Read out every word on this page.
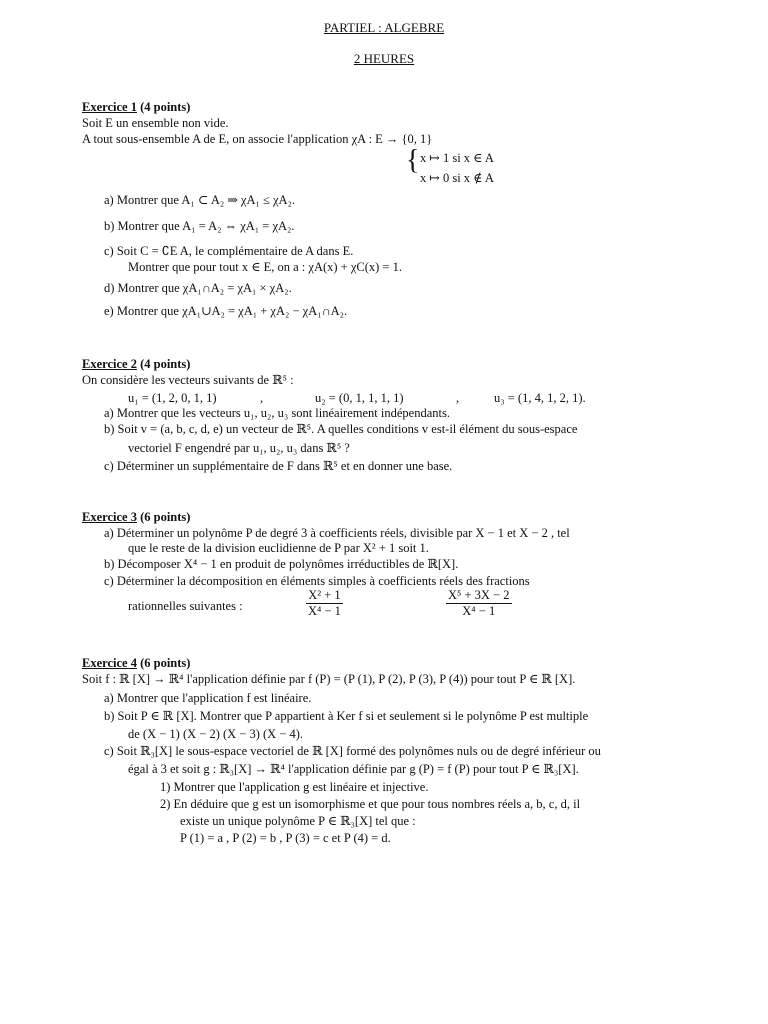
PARTIEL : ALGEBRE
2 HEURES
Exercice 1 (4 points)
Soit E un ensemble non vide.
A tout sous-ensemble A de E, on associe l'application χA : E → {0, 1}
{ x ↦ 1 si x ∈ A
x ↦ 0 si x ∉ A
a) Montrer que A₁ ⊂ A₂ ⇒ χA₁ ≤ χA₂.
b) Montrer que A₁ = A₂ ⇔ χA₁ = χA₂.
c) Soit C = ∁E A, le complémentaire de A dans E.
Montrer que pour tout x ∈ E, on a : χA(x) + χC(x) = 1.
d) Montrer que χA₁∩A₂ = χA₁ × χA₂.
e) Montrer que χA₁∪A₂ = χA₁ + χA₂ − χA₁∩A₂.
Exercice 2 (4 points)
On considère les vecteurs suivants de ℝ⁵ :
u₁ = (1, 2, 0, 1, 1)	,	u₂ = (0, 1, 1, 1, 1)	,	u₃ = (1, 4, 1, 2, 1).
a) Montrer que les vecteurs u₁, u₂, u₃ sont linéairement indépendants.
b) Soit v = (a, b, c, d, e) un vecteur de ℝ⁵. A quelles conditions v est-il élément du sous-espace
vectoriel F engendré par u₁, u₂, u₃ dans ℝ⁵ ?
c) Déterminer un supplémentaire de F dans ℝ⁵ et en donner une base.
Exercice 3 (6 points)
a) Déterminer un polynôme P de degré 3 à coefficients réels, divisible par X − 1 et X − 2 , tel
que le reste de la division euclidienne de P par X² + 1 soit 1.
b) Décomposer X⁴ − 1 en produit de polynômes irréductibles de ℝ[X].
c) Déterminer la décomposition en éléments simples à coefficients réels des fractions
rationnelles suivantes :	$\frac{\text{X² + 1}}{\text{X⁴ − 1}}$	$\frac{\text{X⁵ + 3X − 2}}{\text{X⁴ − 1}}$
Exercice 4 (6 points)
Soit f : ℝ [X] → ℝ⁴ l'application définie par f (P) = (P (1), P (2), P (3), P (4)) pour tout P ∈ ℝ [X].
a) Montrer que l'application f est linéaire.
b) Soit P ∈ ℝ [X]. Montrer que P appartient à Ker f si et seulement si le polynôme P est multiple
de (X − 1) (X − 2) (X − 3) (X − 4).
c) Soit ℝ₃[X] le sous-espace vectoriel de ℝ [X] formé des polynômes nuls ou de degré inférieur ou
égal à 3 et soit g : ℝ₃[X] → ℝ⁴ l'application définie par g (P) = f (P) pour tout P ∈ ℝ₃[X].
1) Montrer que l'application g est linéaire et injective.
2) En déduire que g est un isomorphisme et que pour tous nombres réels a, b, c, d, il
existe un unique polynôme P ∈ ℝ₃[X] tel que :
P (1) = a , P (2) = b , P (3) = c et P (4) = d.
